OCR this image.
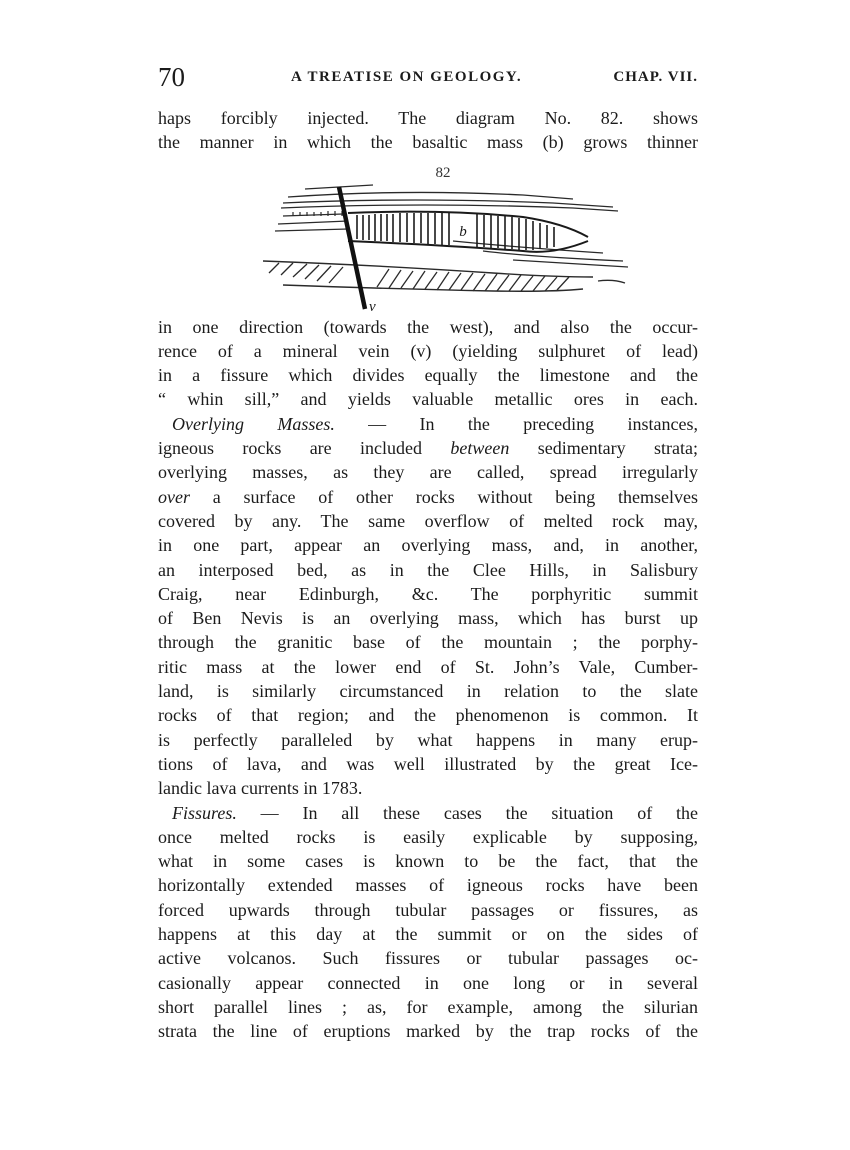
70	A TREATISE ON GEOLOGY.	CHAP. VII.
haps forcibly injected. The diagram No. 82. shows
the manner in which the basaltic mass (b) grows thinner
82
b
v
in one direction (towards the west), and also the occur-
rence of a mineral vein (v) (yielding sulphuret of lead)
in a fissure which divides equally the limestone and the
“ whin sill,” and yields valuable metallic ores in each.
Overlying Masses. — In the preceding instances,
igneous rocks are included between sedimentary strata;
overlying masses, as they are called, spread irregularly
over a surface of other rocks without being themselves
covered by any. The same overflow of melted rock may,
in one part, appear an overlying mass, and, in another,
an interposed bed, as in the Clee Hills, in Salisbury
Craig, near Edinburgh, &c. The porphyritic summit
of Ben Nevis is an overlying mass, which has burst up
through the granitic base of the mountain ; the porphy-
ritic mass at the lower end of St. John’s Vale, Cumber-
land, is similarly circumstanced in relation to the slate
rocks of that region; and the phenomenon is common. It
is perfectly paralleled by what happens in many erup-
tions of lava, and was well illustrated by the great Ice-
landic lava currents in 1783.
Fissures. — In all these cases the situation of the
once melted rocks is easily explicable by supposing,
what in some cases is known to be the fact, that the
horizontally extended masses of igneous rocks have been
forced upwards through tubular passages or fissures, as
happens at this day at the summit or on the sides of
active volcanos. Such fissures or tubular passages oc-
casionally appear connected in one long or in several
short parallel lines ; as, for example, among the silurian
strata the line of eruptions marked by the trap rocks of the
